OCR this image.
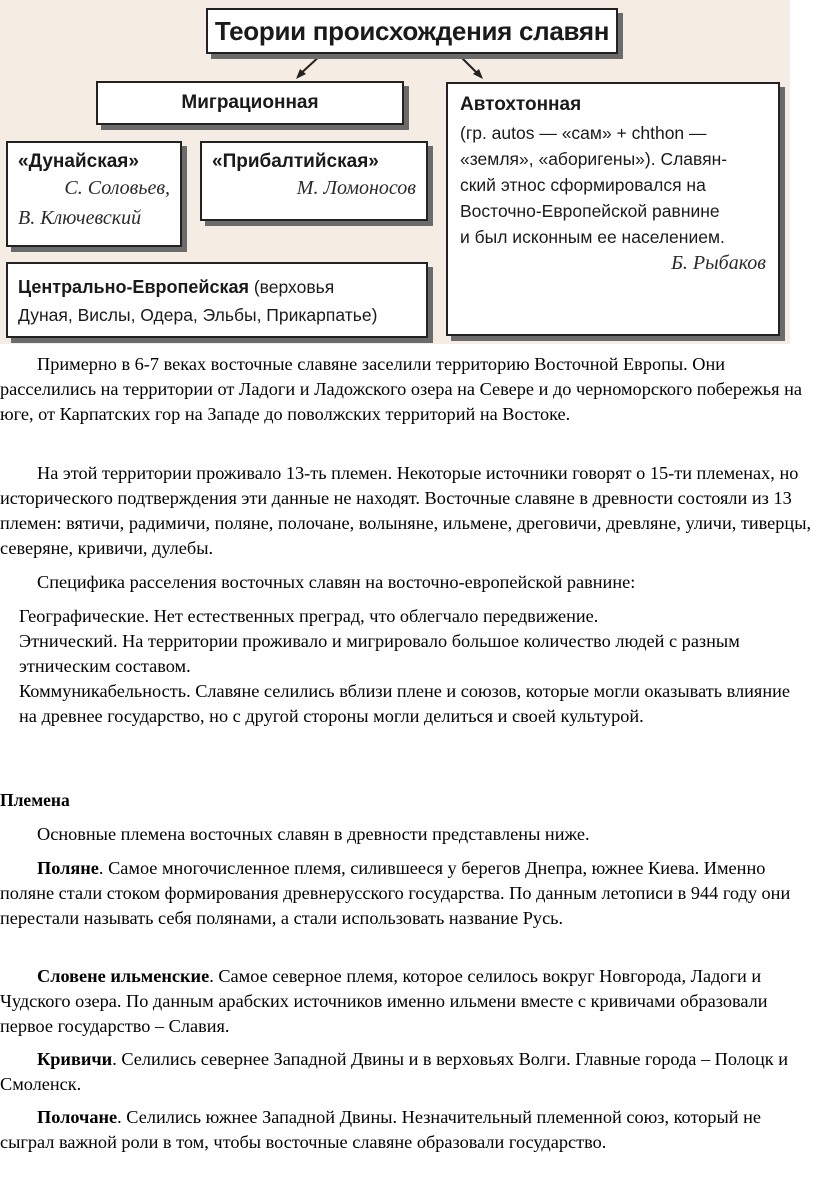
Теории происхождения славян
Миграционная	Автохтонная
(гр. autos — «сам» + chthon —
«земля», «аборигены»). Славян-
ский этнос сформировался на
Восточно-Европейской равнине
и был исконным ее населением.
Б. Рыбаков
«Дунайская»
С. Соловьев,
В. Ключевский
«Прибалтийская»
М. Ломоносов
Центрально-Европейская (верховья
Дуная, Вислы, Одера, Эльбы, Прикарпатье)
Примерно в 6-7 веках восточные славяне заселили территорию Восточной Европы. Они расселились на территории от Ладоги и Ладожского озера на Севере и до черноморского побережья на юге, от Карпатских гор на Западе до поволжских территорий на Востоке.
На этой территории проживало 13-ть племен. Некоторые источники говорят о 15-ти племенах, но исторического подтверждения эти данные не находят. Восточные славяне в древности состояли из 13 племен: вятичи, радимичи, поляне, полочане, волыняне, ильмене, дреговичи, древляне, уличи, тиверцы, северяне, кривичи, дулебы.
Специфика расселения восточных славян на восточно-европейской равнине:
Географические. Нет естественных преград, что облегчало передвижение.
Этнический. На территории проживало и мигрировало большое количество людей с разным этническим составом.
Коммуникабельность. Славяне селились вблизи плене и союзов, которые могли оказывать влияние на древнее государство, но с другой стороны могли делиться и своей культурой.
Племена
Основные племена восточных славян в древности представлены ниже.
Поляне. Самое многочисленное племя, силившееся у берегов Днепра, южнее Киева. Именно поляне стали стоком формирования древнерусского государства. По данным летописи в 944 году они перестали называть себя полянами, а стали использовать название Русь.
Словене ильменские. Самое северное племя, которое селилось вокруг Новгорода, Ладоги и Чудского озера. По данным арабских источников именно ильмени вместе с кривичами образовали первое государство – Славия.
Кривичи. Селились севернее Западной Двины и в верховьях Волги. Главные города – Полоцк и Смоленск.
Полочане. Селились южнее Западной Двины. Незначительный племенной союз, который не сыграл важной роли в том, чтобы восточные славяне образовали государство.
